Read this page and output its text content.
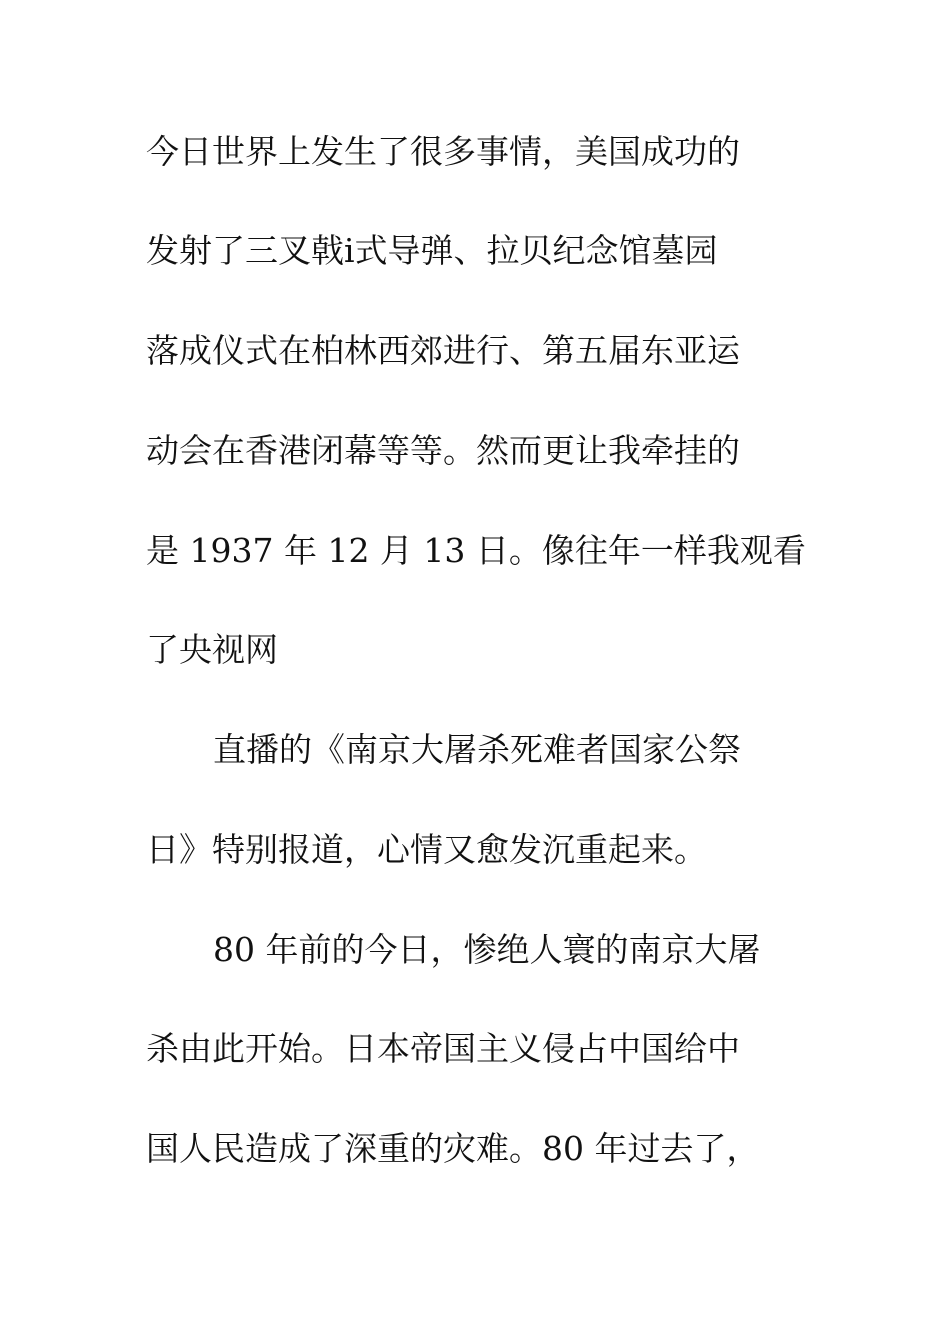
今日世界上发生了很多事情，美国成功的
发射了三叉戟ⅰ式导弹、拉贝纪念馆墓园
落成仪式在柏林西郊进行、第五届东亚运
动会在香港闭幕等等。然而更让我牵挂的
是 1937 年 12 月 13 日。像往年一样我观看
了央视网
直播的《南京大屠杀死难者国家公祭
日》特别报道，心情又愈发沉重起来。
80 年前的今日，惨绝人寰的南京大屠
杀由此开始。日本帝国主义侵占中国给中
国人民造成了深重的灾难。80 年过去了，
